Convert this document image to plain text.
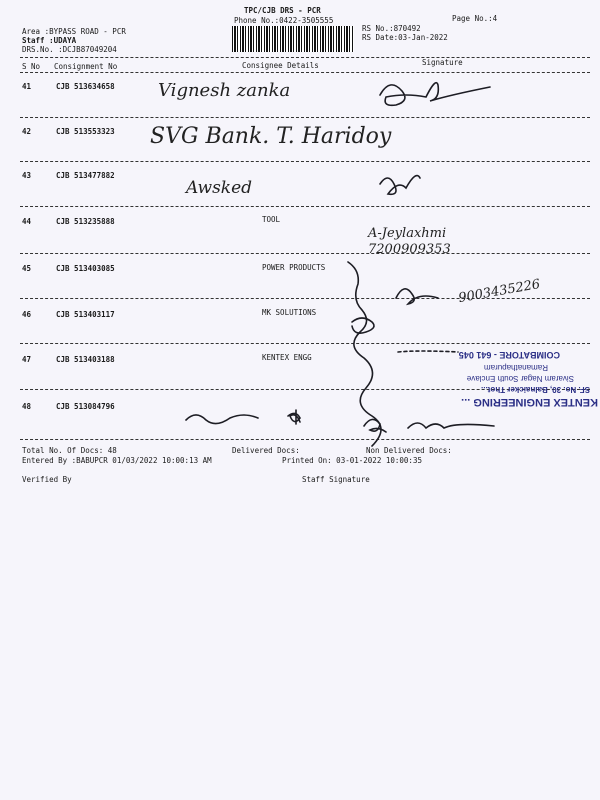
TPC/CJB DRS - PCR
Phone No.:0422-3505555	Page No.:4
Area :BYPASS ROAD - PCR
Staff :UDAYA
DRS.No. :DCJB87049204
RS No.:870492
RS Date:03-Jan-2022
S No Consignment No	Consignee Details	Signature
41	CJB 513634658 Vignesh zanka
42	CJB 513553323 SVG Bank. T. Haridoy
43	CJB 513477882
Awsked
44	CJB 513235888	TOOL
A-Jeylaxhmi 7200909353
45	CJB 513403085	POWER PRODUCTS
46	CJB 513403117	MK SOLUTIONS
9003435226
47	CJB 513403188	KENTEX ENGG
48	CJB 513084796	KENTEX ENGINEERING ...
SF. No. 30, Balnaicker Thot...
Sivaram Nagar South Enclave
Ramanathapuram
COIMBATORE - 641 045
Total No. Of Docs: 48	Delivered Docs:	Non Delivered Docs:
Entered By :BABUPCR 01/03/2022 10:00:13 AM	Printed On: 03-01-2022 10:00:35
Verified By	Staff Signature
